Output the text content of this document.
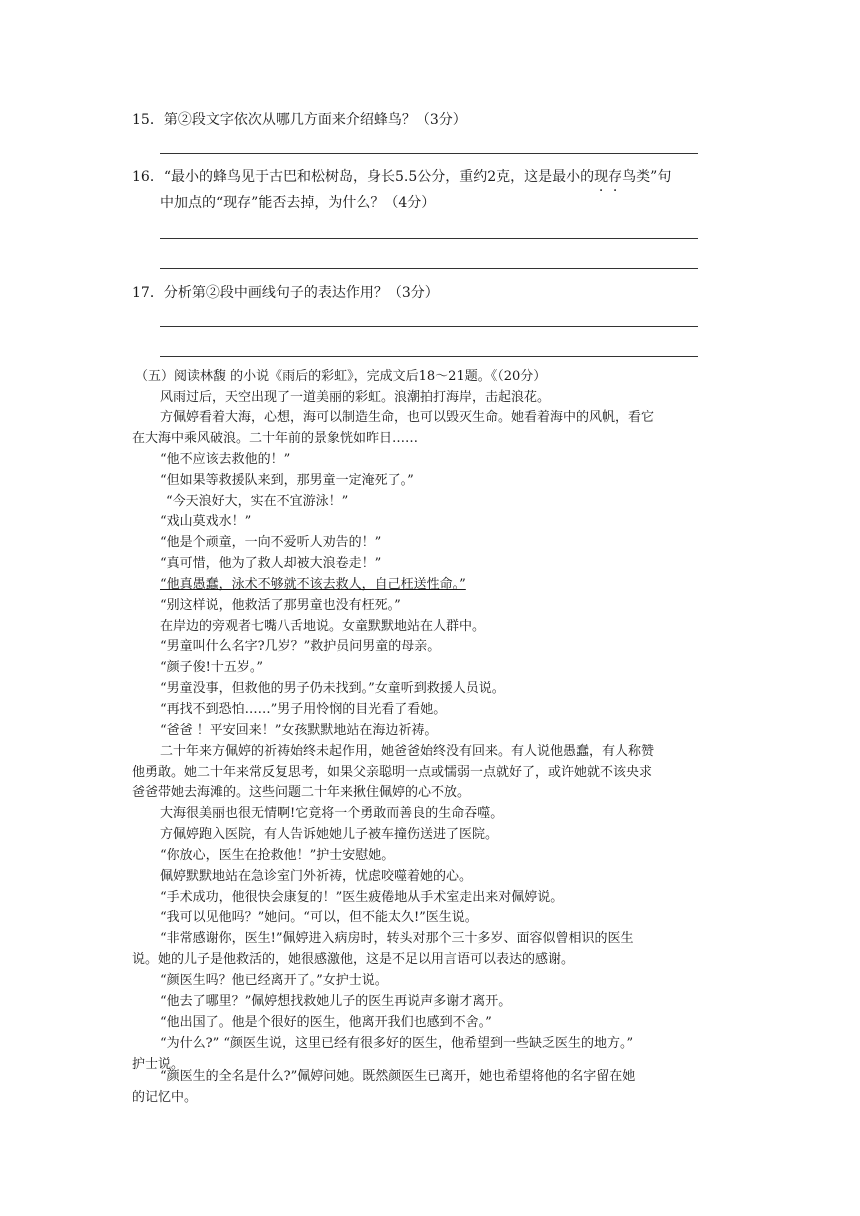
15．第②段文字依次从哪几方面来介绍蜂鸟？（3分）
16．“最小的蜂鸟见于古巴和松树岛，身长5.5公分，重约2克，这是最小的现存鸟类”句
中加点的“现存”能否去掉，为什么？（4分）
17．分析第②段中画线句子的表达作用？（3分）
（五）阅读林馥 的小说《雨后的彩虹》，完成文后18～21题。《（20分）
风雨过后，天空出现了一道美丽的彩虹。浪潮拍打海岸，击起浪花。
方佩婷看着大海，心想，海可以制造生命，也可以毁灭生命。她看着海中的风帆，看它
在大海中乘风破浪。二十年前的景象恍如昨日……
“他不应该去救他的！”
“但如果等救援队来到，那男童一定淹死了。”
“今天浪好大，实在不宜游泳！”
“戏山莫戏水！”
“他是个顽童，一向不爱听人劝告的！”
“真可惜，他为了救人却被大浪卷走！”
“他真愚蠢，泳术不够就不该去救人，自己枉送性命。”
“别这样说，他救活了那男童也没有枉死。”
在岸边的旁观者七嘴八舌地说。女童默默地站在人群中。
“男童叫什么名字?几岁？”救护员问男童的母亲。
“颜子俊!十五岁。”
“男童没事，但救他的男子仍未找到。”女童听到救援人员说。
“再找不到恐怕……”男子用怜悯的目光看了看她。
“爸爸 ！平安回来！”女孩默默地站在海边祈祷。
二十年来方佩婷的祈祷始终未起作用，她爸爸始终没有回来。有人说他愚蠢，有人称赞
他勇敢。她二十年来常反复思考，如果父亲聪明一点或懦弱一点就好了，或许她就不该央求
爸爸带她去海滩的。这些问题二十年来揪住佩婷的心不放。
大海很美丽也很无情啊!它竟将一个勇敢而善良的生命吞噬。
方佩婷跑入医院，有人告诉她她儿子被车撞伤送进了医院。
“你放心，医生在抢救他！”护士安慰她。
佩婷默默地站在急诊室门外祈祷，忧虑咬噬着她的心。
“手术成功，他很快会康复的！”医生疲倦地从手术室走出来对佩婷说。
“我可以见他吗？”她问。“可以，但不能太久!”医生说。
“非常感谢你，医生!”佩婷进入病房时，转头对那个三十多岁、面容似曾相识的医生
说。她的儿子是他救活的，她很感激他，这是不足以用言语可以表达的感谢。
“颜医生吗？他已经离开了。”女护士说。
“他去了哪里？”佩婷想找救她儿子的医生再说声多谢才离开。
“他出国了。他是个很好的医生，他离开我们也感到不舍。”
“为什么?” “颜医生说，这里已经有很多好的医生，他希望到一些缺乏医生的地方。”
护士说。
“颜医生的全名是什么?”佩婷问她。既然颜医生已离开，她也希望将他的名字留在她
的记忆中。
